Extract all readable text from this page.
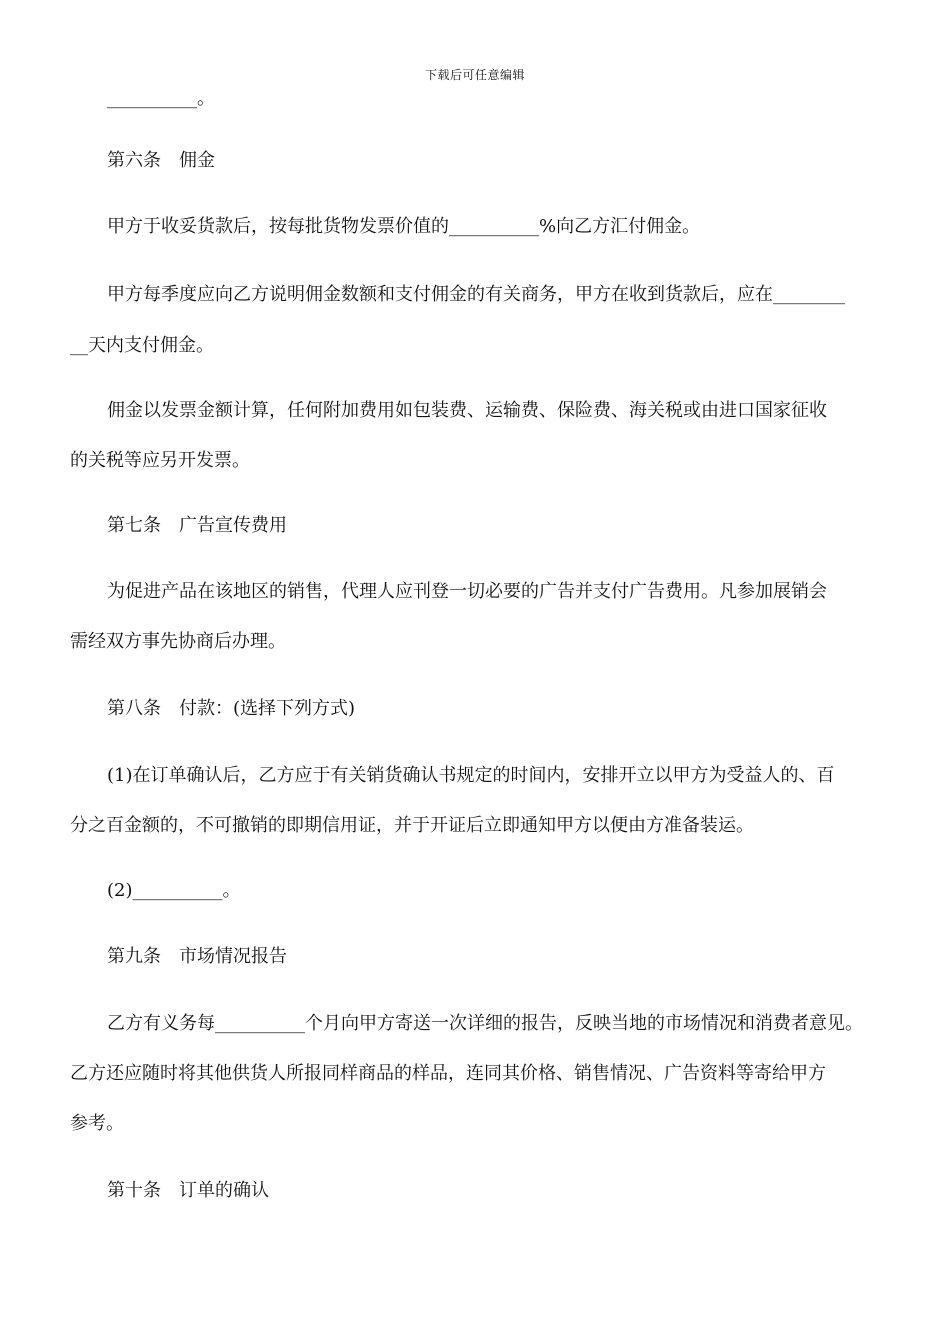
下载后可任意编辑
__________。
第六条　佣金
甲方于收妥货款后，按每批货物发票价值的__________%向乙方汇付佣金。
甲方每季度应向乙方说明佣金数额和支付佣金的有关商务，甲方在收到货款后，应在________
__天内支付佣金。
佣金以发票金额计算，任何附加费用如包装费、运输费、保险费、海关税或由进口国家征收
的关税等应另开发票。
第七条　广告宣传费用
为促进产品在该地区的销售，代理人应刊登一切必要的广告并支付广告费用。凡参加展销会
需经双方事先协商后办理。
第八条　付款：(选择下列方式)
(1)在订单确认后，乙方应于有关销货确认书规定的时间内，安排开立以甲方为受益人的、百
分之百金额的，不可撤销的即期信用证，并于开证后立即通知甲方以便由方准备装运。
(2)__________。
第九条　市场情况报告
乙方有义务每__________个月向甲方寄送一次详细的报告，反映当地的市场情况和消费者意见。
乙方还应随时将其他供货人所报同样商品的样品，连同其价格、销售情况、广告资料等寄给甲方
参考。
第十条　订单的确认
